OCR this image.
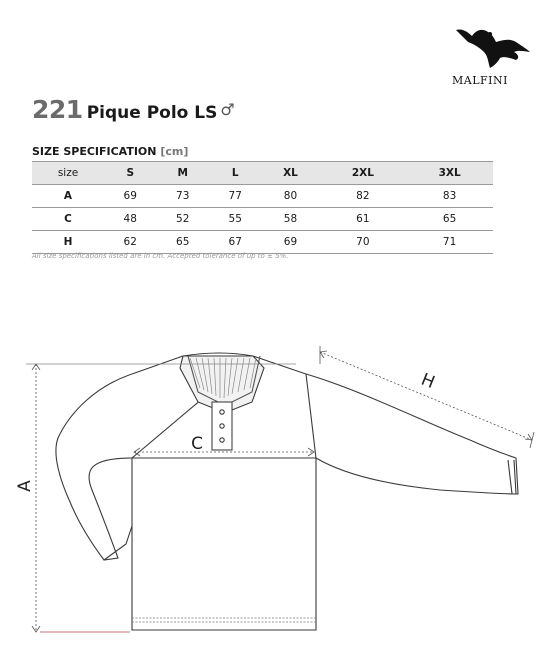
MALFINI
221 Pique Polo LS ♂
SIZE SPECIFICATION [cm]
size	S	M	L	XL	2XL	3XL
A	69	73	77	80	82	83
C	48	52	55	58	61	65
H	62	65	67	69	70	71
All size specifications listed are in cm. Accepted tolerance of up to ± 5%.
A
C
H
